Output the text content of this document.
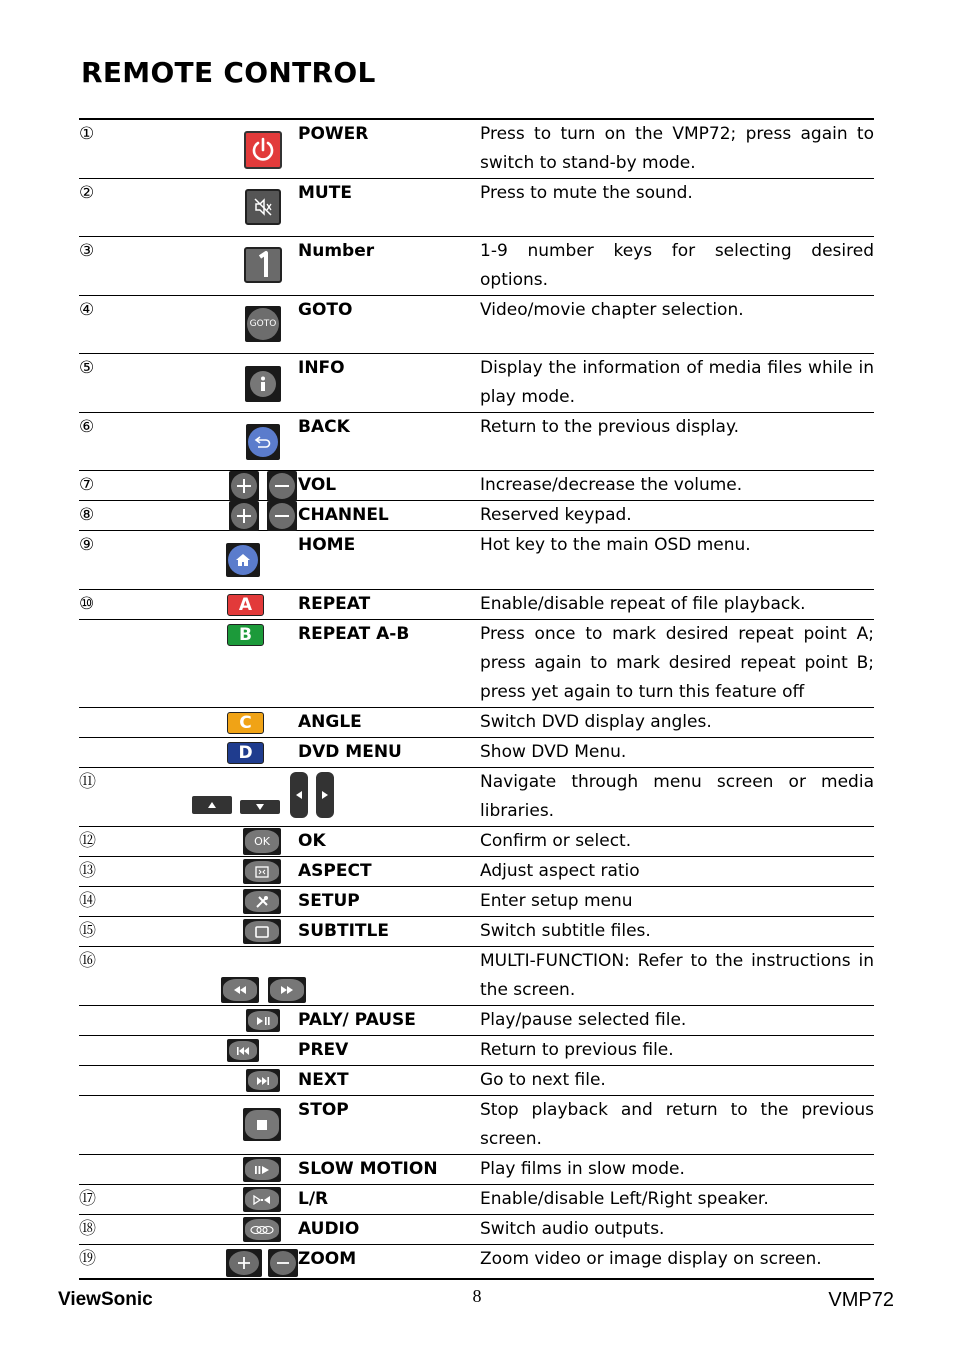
REMOTE CONTROL
①		POWER	Press to turn on the VMP72; press again to switch to stand-by mode.
②		MUTE	Press to mute the sound.
③		Number	1-9 number keys for selecting desired options.
④	GOTO	GOTO	Video/movie chapter selection.
⑤		INFO	Display the information of media files while in play mode.
⑥		BACK	Return to the previous display.
⑦		VOL	Increase/decrease the volume.
⑧		CHANNEL	Reserved keypad.
⑨		HOME	Hot key to the main OSD menu.
⑩	A	REPEAT	Enable/disable repeat of file playback.

B	REPEAT A-B	Press once to mark desired repeat point A; press again to mark desired repeat point B; press yet again to turn this feature off

C	ANGLE	Switch DVD display angles.

D	DVD MENU	Show DVD Menu.
⑪			Navigate through menu screen or media libraries.
⑫	OK	OK	Confirm or select.
⑬		ASPECT	Adjust aspect ratio
⑭		SETUP	Enter setup menu
⑮		SUBTITLE	Switch subtitle files.
⑯			MULTI-FUNCTION: Refer to the instructions in the screen.

	PALY/ PAUSE	Play/pause selected file.

	PREV	Return to previous file.

	NEXT	Go to next file.

	STOP	Stop playback and return to the previous screen.

	SLOW MOTION	Play films in slow mode.
⑰		L/R	Enable/disable Left/Right speaker.
⑱		AUDIO	Switch audio outputs.
⑲		ZOOM	Zoom video or image display on screen.
ViewSonic	8	VMP72
